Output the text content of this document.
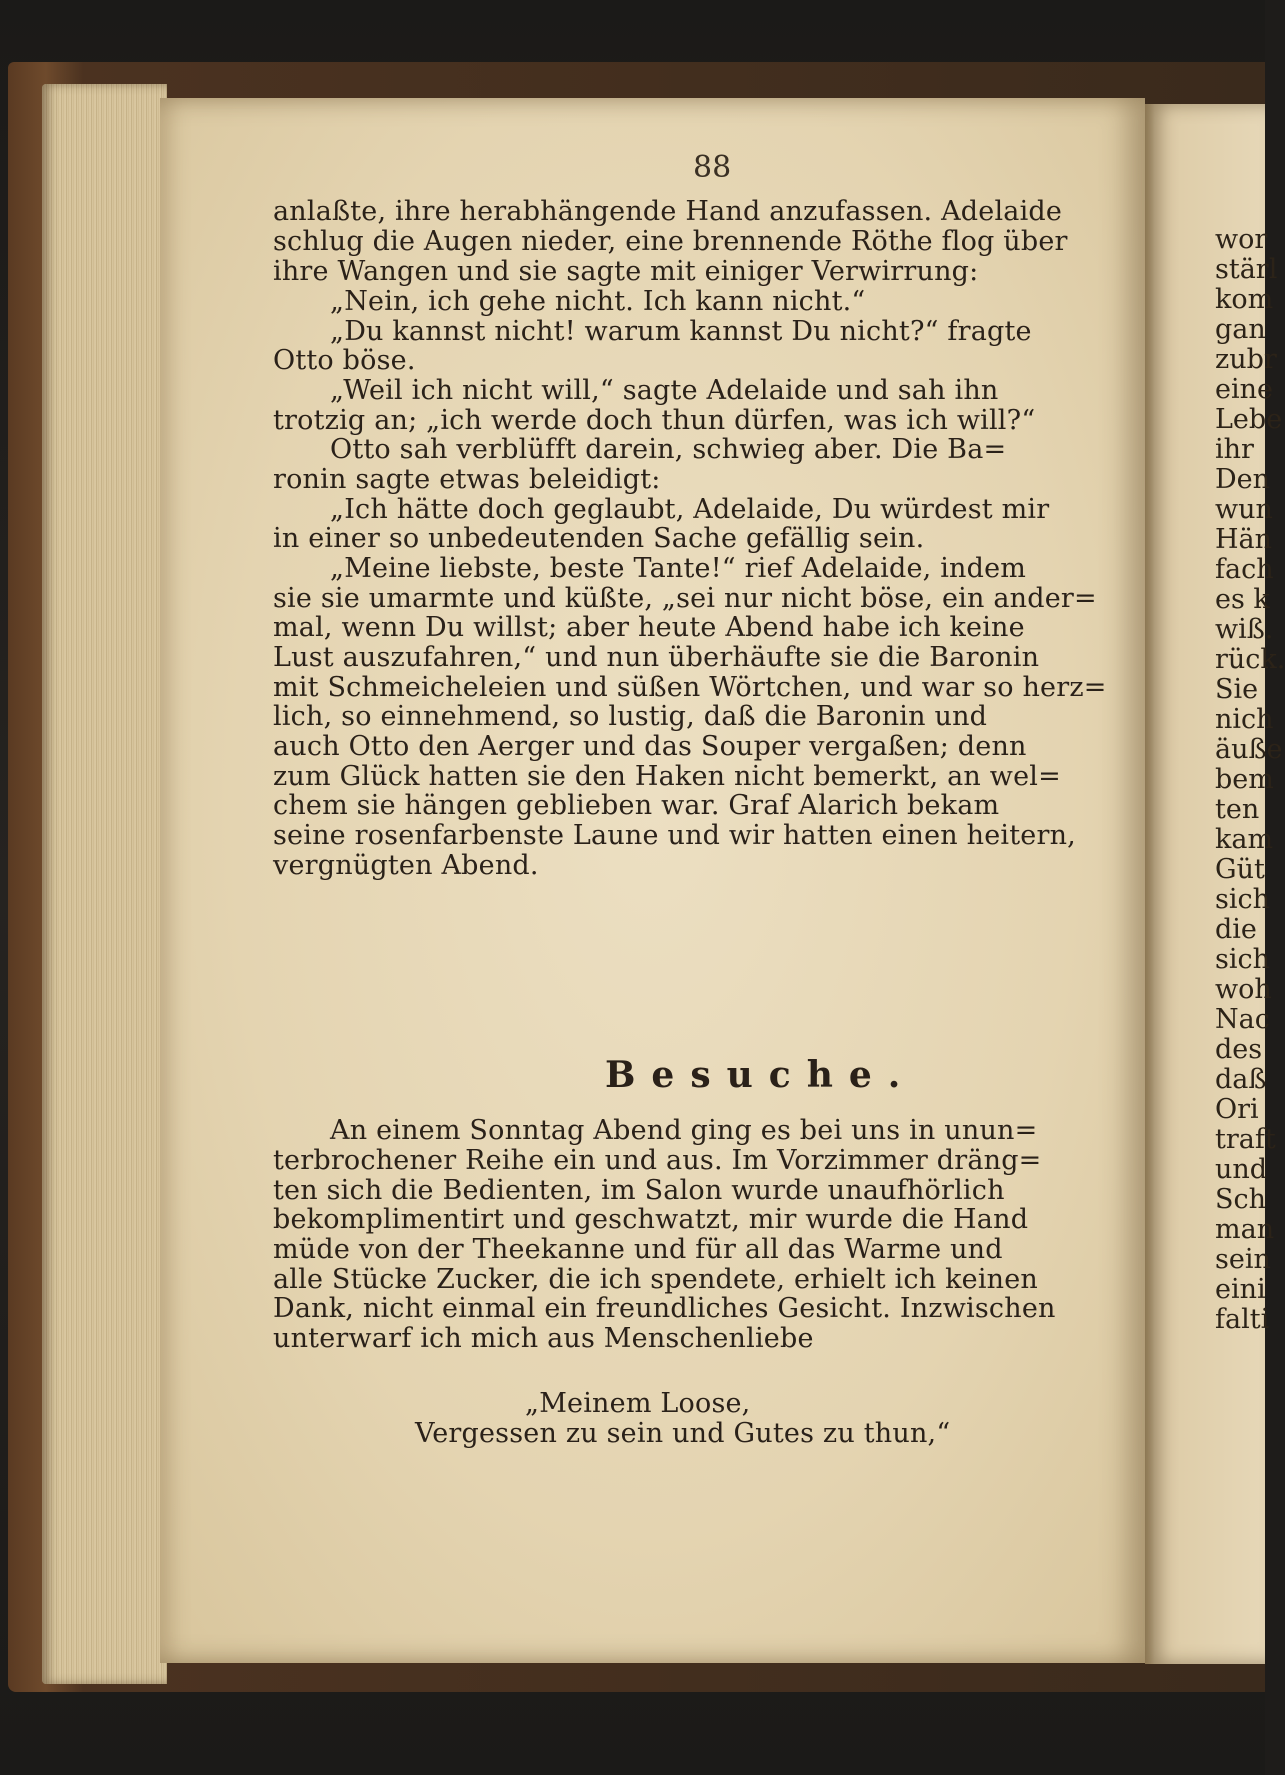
88
anlaßte, ihre herabhängende Hand anzufassen. Adelaide
schlug die Augen nieder, eine brennende Röthe flog über
ihre Wangen und sie sagte mit einiger Verwirrung:
„Nein, ich gehe nicht. Ich kann nicht.“
„Du kannst nicht! warum kannst Du nicht?“ fragte
Otto böse.
„Weil ich nicht will,“ sagte Adelaide und sah ihn
trotzig an; „ich werde doch thun dürfen, was ich will?“
Otto sah verblüfft darein, schwieg aber. Die Ba=
ronin sagte etwas beleidigt:
„Ich hätte doch geglaubt, Adelaide, Du würdest mir
in einer so unbedeutenden Sache gefällig sein.
„Meine liebste, beste Tante!“ rief Adelaide, indem
sie sie umarmte und küßte, „sei nur nicht böse, ein ander=
mal, wenn Du willst; aber heute Abend habe ich keine
Lust auszufahren,“ und nun überhäufte sie die Baronin
mit Schmeicheleien und süßen Wörtchen, und war so herz=
lich, so einnehmend, so lustig, daß die Baronin und
auch Otto den Aerger und das Souper vergaßen; denn
zum Glück hatten sie den Haken nicht bemerkt, an wel=
chem sie hängen geblieben war. Graf Alarich bekam
seine rosenfarbenste Laune und wir hatten einen heitern,
vergnügten Abend.
Besuche.
An einem Sonntag Abend ging es bei uns in unun=
terbrochener Reihe ein und aus. Im Vorzimmer dräng=
ten sich die Bedienten, im Salon wurde unaufhörlich
bekomplimentirt und geschwatzt, mir wurde die Hand
müde von der Theekanne und für all das Warme und
alle Stücke Zucker, die ich spendete, erhielt ich keinen
Dank, nicht einmal ein freundliches Gesicht. Inzwischen
unterwarf ich mich aus Menschenliebe
„Meinem Loose,
Vergessen zu sein und Gutes zu thun,“
wor
stärl
kom
gan
zubr
eine
Lebe
ihr
Den
wun
Hän
fach
es k
wiß.
rück.
Sie
nich
äuße
bem
ten
kam
Güt
sich
die
sich
woh
Nac
des
daß
Ori
traft
und
Sch
man
sein
eini
falti
